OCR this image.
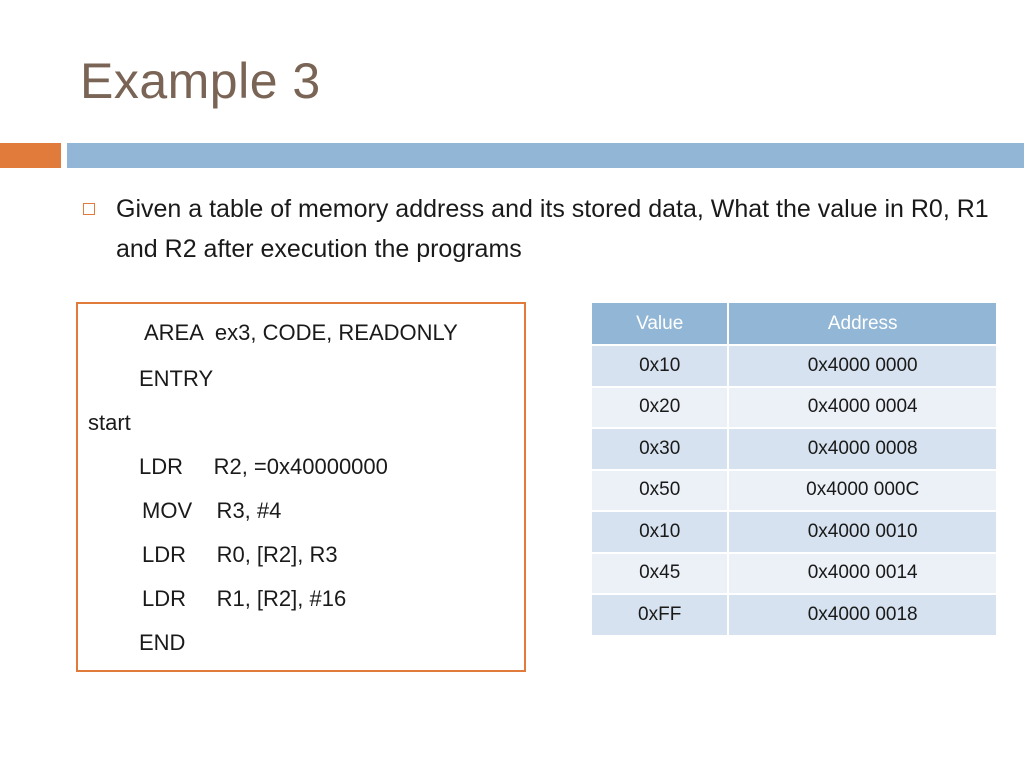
Example 3
Given a table of memory address and its stored data, What the value in R0, R1 and R2 after execution the programs
AREA  ex3, CODE, READONLY
ENTRY
start
LDR     R2, =0x40000000
MOV    R3, #4
LDR     R0, [R2], R3
LDR     R1, [R2], #16
END
Value	Address
0x10	0x4000 0000
0x20	0x4000 0004
0x30	0x4000 0008
0x50	0x4000 000C
0x10	0x4000 0010
0x45	0x4000 0014
0xFF	0x4000 0018
